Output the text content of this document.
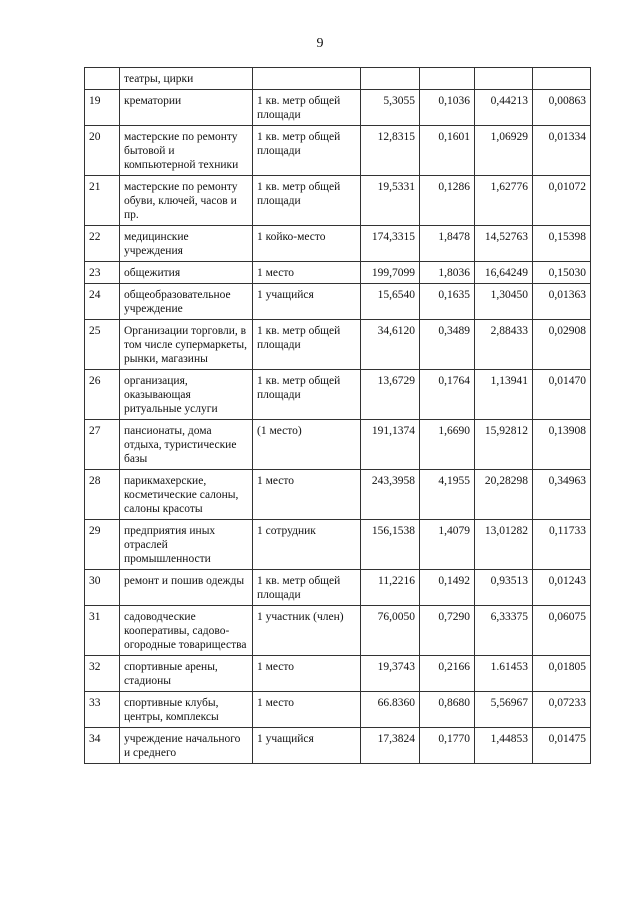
9
	театры, цирки					
19	крематории	1 кв. метр общей площади	5,3055	0,1036	0,44213	0,00863
20	мастерские по ремонту бытовой и компьютерной техники	1 кв. метр общей площади	12,8315	0,1601	1,06929	0,01334
21	мастерские по ремонту обуви, ключей, часов и пр.	1 кв. метр общей площади	19,5331	0,1286	1,62776	0,01072
22	медицинские учреждения	1 койко-место	174,3315	1,8478	14,52763	0,15398
23	общежития	1 место	199,7099	1,8036	16,64249	0,15030
24	общеобразовательное учреждение	1 учащийся	15,6540	0,1635	1,30450	0,01363
25	Организации торговли, в том числе супермаркеты, рынки, магазины	1 кв. метр общей площади	34,6120	0,3489	2,88433	0,02908
26	организация, оказывающая ритуальные услуги	1 кв. метр общей площади	13,6729	0,1764	1,13941	0,01470
27	пансионаты, дома отдыха, туристические базы	(1 место)	191,1374	1,6690	15,92812	0,13908
28	парикмахерские, косметические салоны, салоны красоты	1 место	243,3958	4,1955	20,28298	0,34963
29	предприятия иных отраслей промышленности	1 сотрудник	156,1538	1,4079	13,01282	0,11733
30	ремонт и пошив одежды	1 кв. метр общей площади	11,2216	0,1492	0,93513	0,01243
31	садоводческие кооперативы, садово-огородные товарищества	1 участник (член)	76,0050	0,7290	6,33375	0,06075
32	спортивные арены, стадионы	1 место	19,3743	0,2166	1.61453	0,01805
33	спортивные клубы, центры, комплексы	1 место	66.8360	0,8680	5,56967	0,07233
34	учреждение начального и среднего	1 учащийся	17,3824	0,1770	1,44853	0,01475
